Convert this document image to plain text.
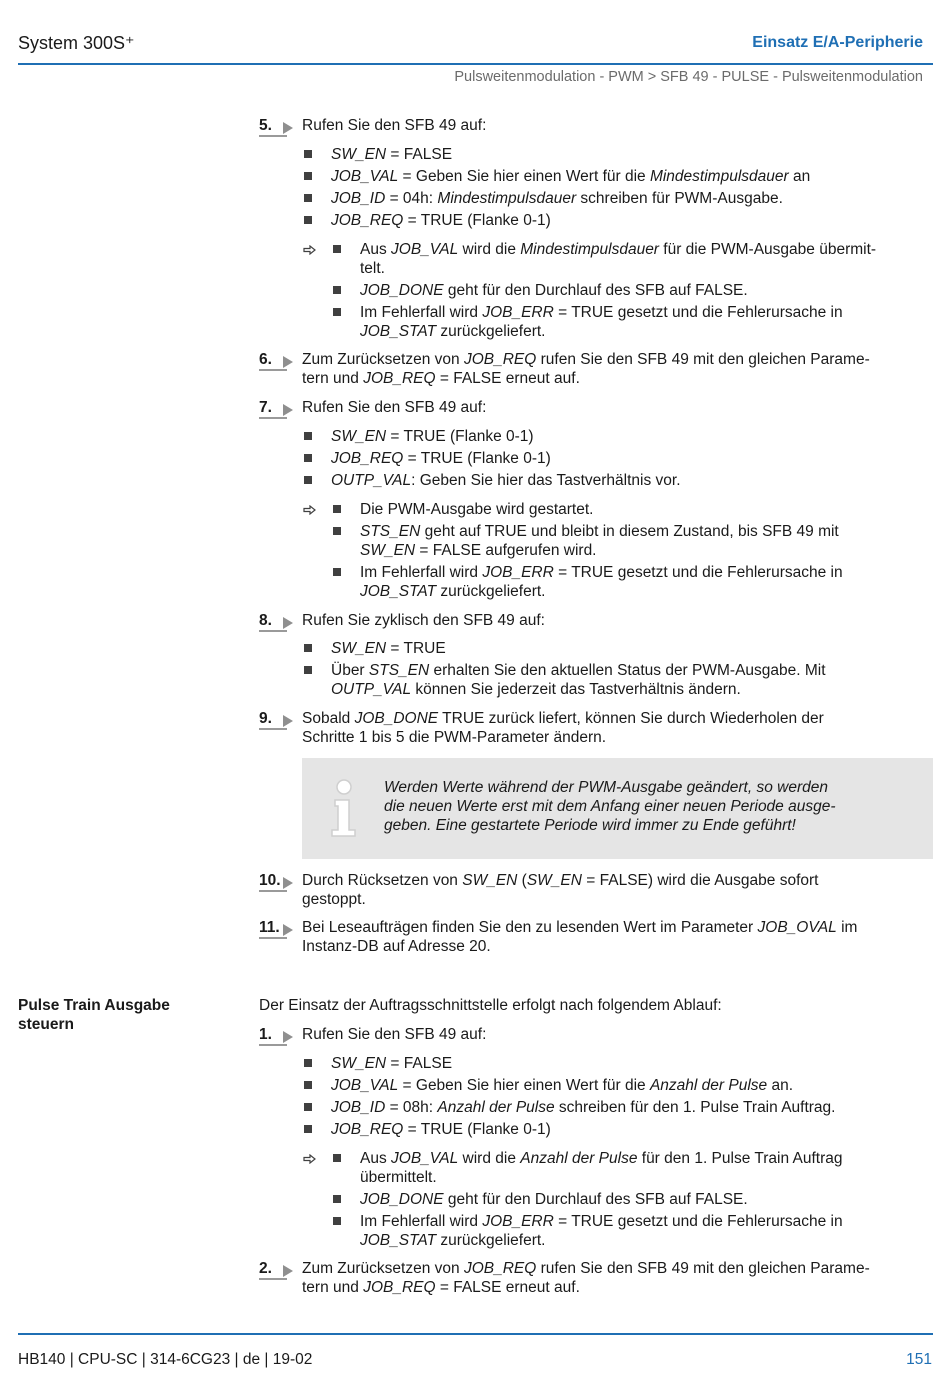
System 300S⁺	Einsatz E/A-Peripherie
Pulsweitenmodulation - PWM > SFB 49 - PULSE - Pulsweitenmodulation
5. Rufen Sie den SFB 49 auf:
SW_EN = FALSE
JOB_VAL = Geben Sie hier einen Wert für die Mindestimpulsdauer an
JOB_ID = 04h: Mindestimpulsdauer schreiben für PWM-Ausgabe.
JOB_REQ = TRUE (Flanke 0-1)
Aus JOB_VAL wird die Mindestimpulsdauer für die PWM-Ausgabe übermit-
telt.
JOB_DONE geht für den Durchlauf des SFB auf FALSE.
Im Fehlerfall wird JOB_ERR = TRUE gesetzt und die Fehlerursache in
JOB_STAT zurückgeliefert.
6. Zum Zurücksetzen von JOB_REQ rufen Sie den SFB 49 mit den gleichen Parame-
tern und JOB_REQ = FALSE erneut auf.
7. Rufen Sie den SFB 49 auf:
SW_EN = TRUE (Flanke 0-1)
JOB_REQ = TRUE (Flanke 0-1)
OUTP_VAL: Geben Sie hier das Tastverhältnis vor.
Die PWM-Ausgabe wird gestartet.
STS_EN geht auf TRUE und bleibt in diesem Zustand, bis SFB 49 mit
SW_EN = FALSE aufgerufen wird.
Im Fehlerfall wird JOB_ERR = TRUE gesetzt und die Fehlerursache in
JOB_STAT zurückgeliefert.
8. Rufen Sie zyklisch den SFB 49 auf:
SW_EN = TRUE
Über STS_EN erhalten Sie den aktuellen Status der PWM-Ausgabe. Mit
OUTP_VAL können Sie jederzeit das Tastverhältnis ändern.
9. Sobald JOB_DONE TRUE zurück liefert, können Sie durch Wiederholen der
Schritte 1 bis 5 die PWM-Parameter ändern.
Werden Werte während der PWM-Ausgabe geändert, so werden
die neuen Werte erst mit dem Anfang einer neuen Periode ausge-
geben. Eine gestartete Periode wird immer zu Ende geführt!
10. Durch Rücksetzen von SW_EN (SW_EN = FALSE) wird die Ausgabe sofort
gestoppt.
11. Bei Leseaufträgen finden Sie den zu lesenden Wert im Parameter JOB_OVAL im
Instanz-DB auf Adresse 20.
Pulse Train Ausgabe
steuern
Der Einsatz der Auftragsschnittstelle erfolgt nach folgendem Ablauf:
1. Rufen Sie den SFB 49 auf:
SW_EN = FALSE
JOB_VAL = Geben Sie hier einen Wert für die Anzahl der Pulse an.
JOB_ID = 08h: Anzahl der Pulse schreiben für den 1. Pulse Train Auftrag.
JOB_REQ = TRUE (Flanke 0-1)
Aus JOB_VAL wird die Anzahl der Pulse für den 1. Pulse Train Auftrag
übermittelt.
JOB_DONE geht für den Durchlauf des SFB auf FALSE.
Im Fehlerfall wird JOB_ERR = TRUE gesetzt und die Fehlerursache in
JOB_STAT zurückgeliefert.
2. Zum Zurücksetzen von JOB_REQ rufen Sie den SFB 49 mit den gleichen Parame-
tern und JOB_REQ = FALSE erneut auf.
HB140 | CPU-SC | 314-6CG23 | de | 19-02	151
